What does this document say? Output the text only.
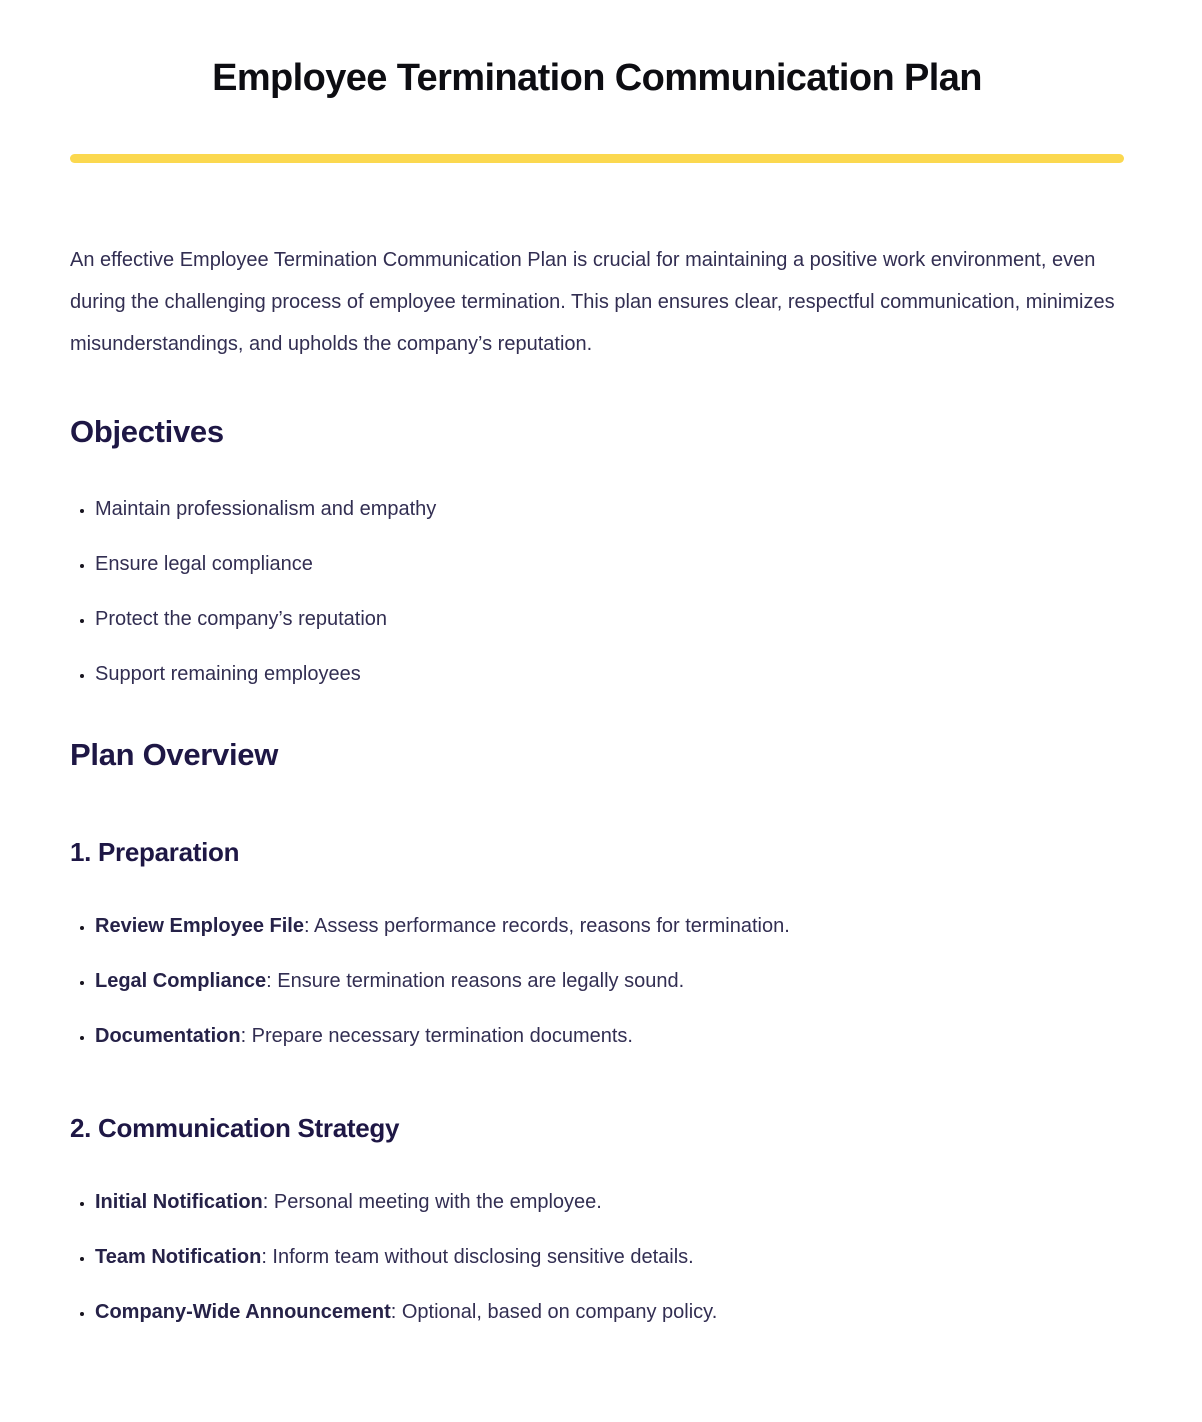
Employee Termination Communication Plan

An effective Employee Termination Communication Plan is crucial for maintaining a positive work environment, even during the challenging process of employee termination. This plan ensures clear, respectful communication, minimizes misunderstandings, and upholds the company’s reputation.

Objectives
• Maintain professionalism and empathy
• Ensure legal compliance
• Protect the company’s reputation
• Support remaining employees
Plan Overview
1. Preparation
• Review Employee File: Assess performance records, reasons for termination.
• Legal Compliance: Ensure termination reasons are legally sound.
• Documentation: Prepare necessary termination documents.
2. Communication Strategy
• Initial Notification: Personal meeting with the employee.
• Team Notification: Inform team without disclosing sensitive details.
• Company-Wide Announcement: Optional, based on company policy.
